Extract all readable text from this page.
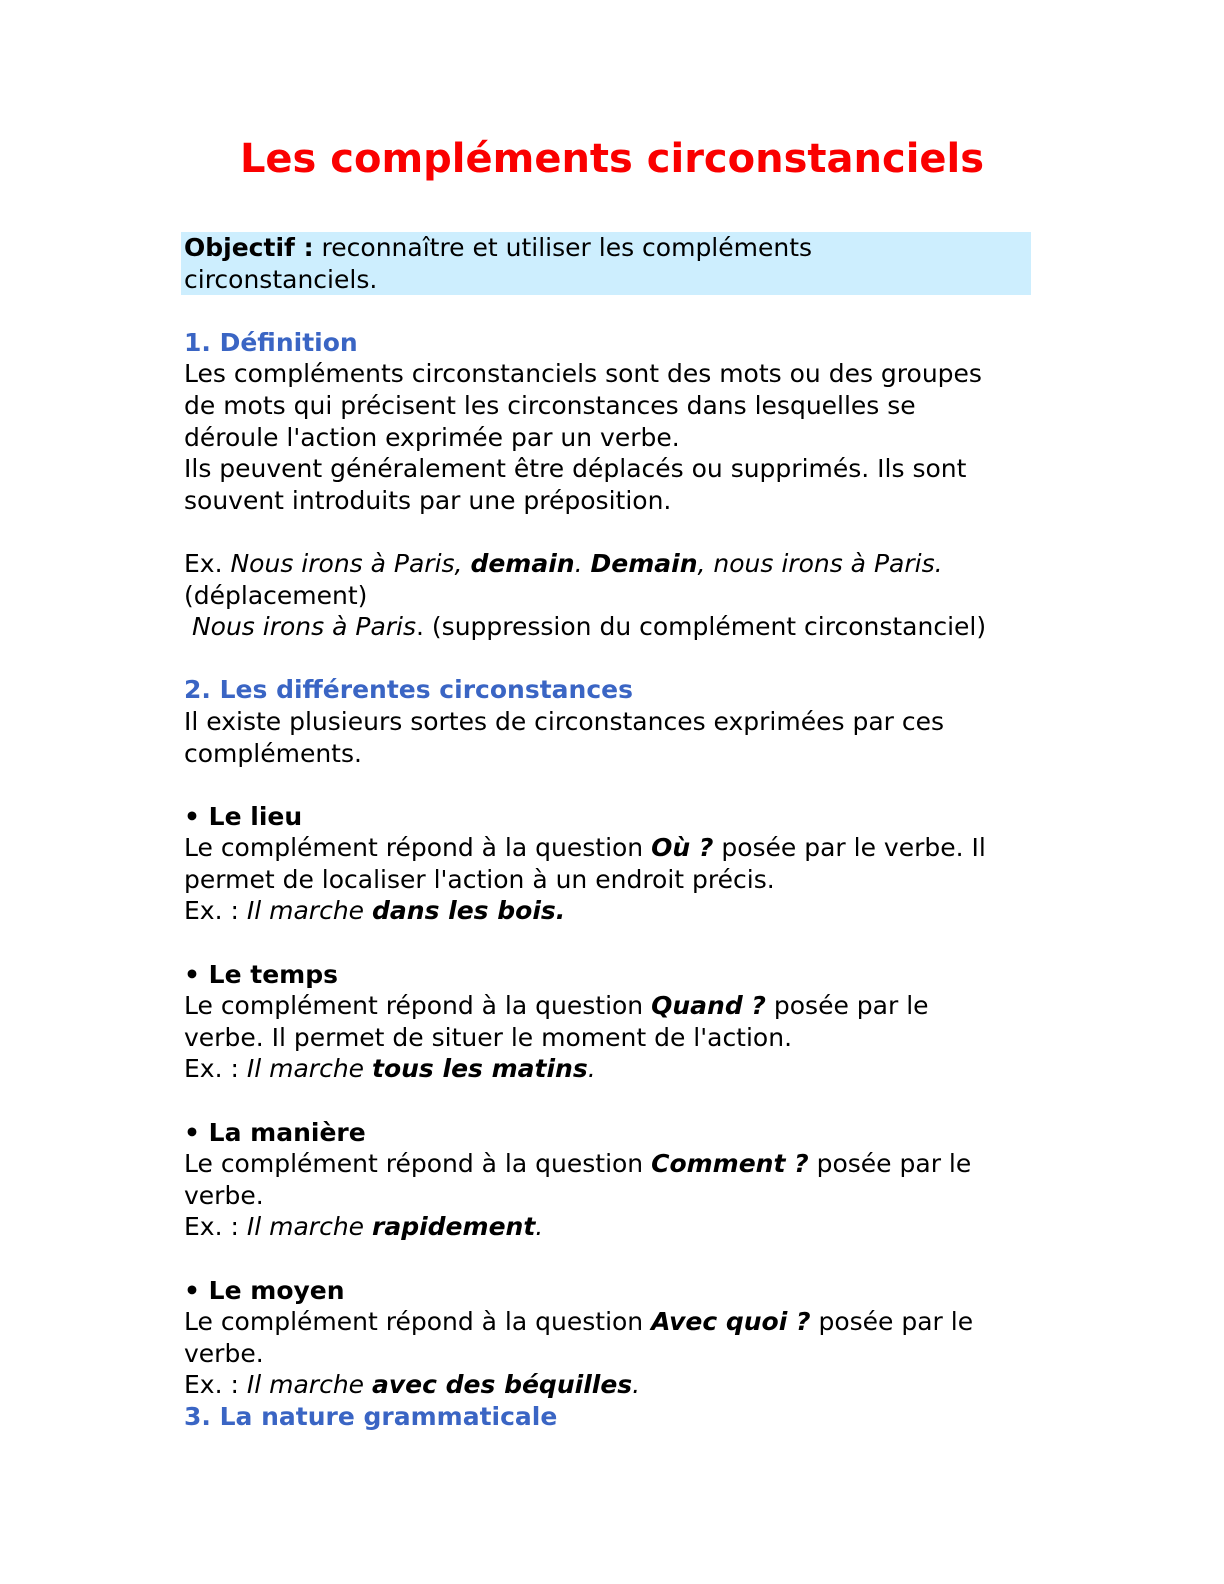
Les compléments circonstanciels

Objectif : reconnaître et utiliser les compléments

circonstanciels.

1. Définition

Les compléments circonstanciels sont des mots ou des groupes

de mots qui précisent les circonstances dans lesquelles se

déroule l'action exprimée par un verbe.

Ils peuvent généralement être déplacés ou supprimés. Ils sont

souvent introduits par une préposition.

Ex. Nous irons à Paris, demain. Demain, nous irons à Paris.

(déplacement)

Nous irons à Paris. (suppression du complément circonstanciel)

2. Les différentes circonstances

Il existe plusieurs sortes de circonstances exprimées par ces

compléments.

• Le lieu

Le complément répond à la question Où ? posée par le verbe. Il

permet de localiser l'action à un endroit précis.

Ex. : Il marche dans les bois.

• Le temps

Le complément répond à la question Quand ? posée par le

verbe. Il permet de situer le moment de l'action.

Ex. : Il marche tous les matins.

• La manière

Le complément répond à la question Comment ? posée par le

verbe.

Ex. : Il marche rapidement.

• Le moyen

Le complément répond à la question Avec quoi ? posée par le

verbe.

Ex. : Il marche avec des béquilles.

3. La nature grammaticale
